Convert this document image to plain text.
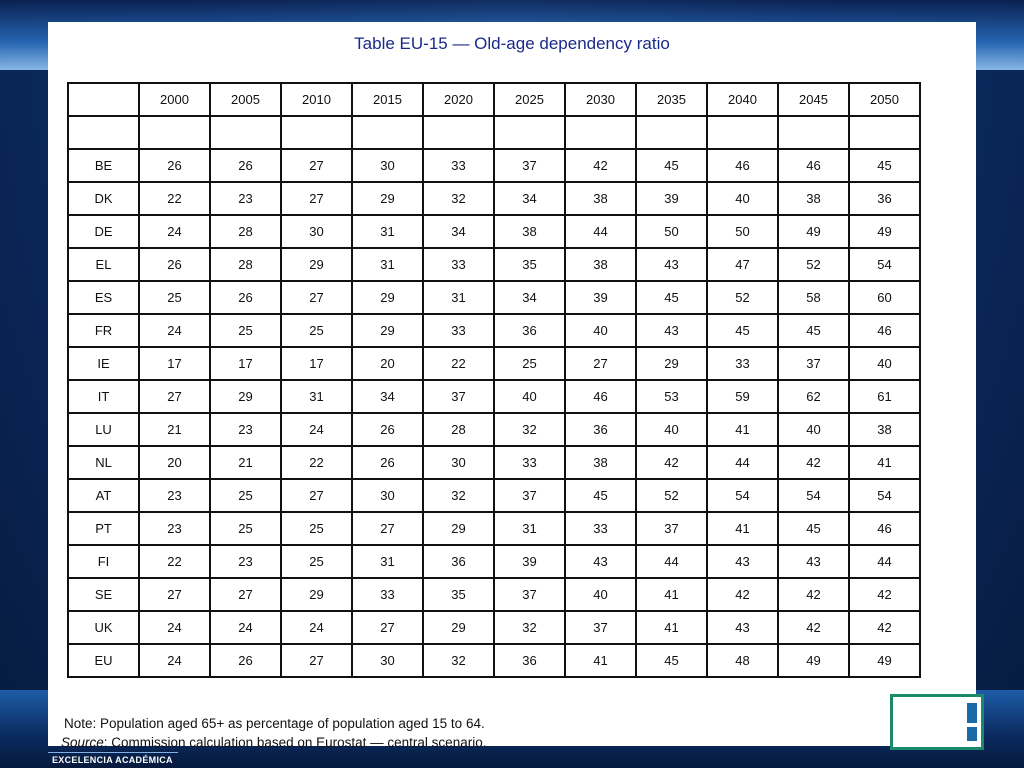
Table EU-15 — Old-age dependency ratio
	2000	2005	2010	2015	2020	2025	2030	2035	2040	2045	2050

BE	26	26	27	30	33	37	42	45	46	46	45
DK	22	23	27	29	32	34	38	39	40	38	36
DE	24	28	30	31	34	38	44	50	50	49	49
EL	26	28	29	31	33	35	38	43	47	52	54
ES	25	26	27	29	31	34	39	45	52	58	60
FR	24	25	25	29	33	36	40	43	45	45	46
IE	17	17	17	20	22	25	27	29	33	37	40
IT	27	29	31	34	37	40	46	53	59	62	61
LU	21	23	24	26	28	32	36	40	41	40	38
NL	20	21	22	26	30	33	38	42	44	42	41
AT	23	25	27	30	32	37	45	52	54	54	54
PT	23	25	25	27	29	31	33	37	41	45	46
FI	22	23	25	31	36	39	43	44	43	43	44
SE	27	27	29	33	35	37	40	41	42	42	42
UK	24	24	24	27	29	32	37	41	43	42	42
EU	24	26	27	30	32	36	41	45	48	49	49
Note: Population aged 65+ as percentage of population aged 15 to 64.
Source: Commission calculation based on Eurostat — central scenario.
EXCELENCIA ACADÉMICA
